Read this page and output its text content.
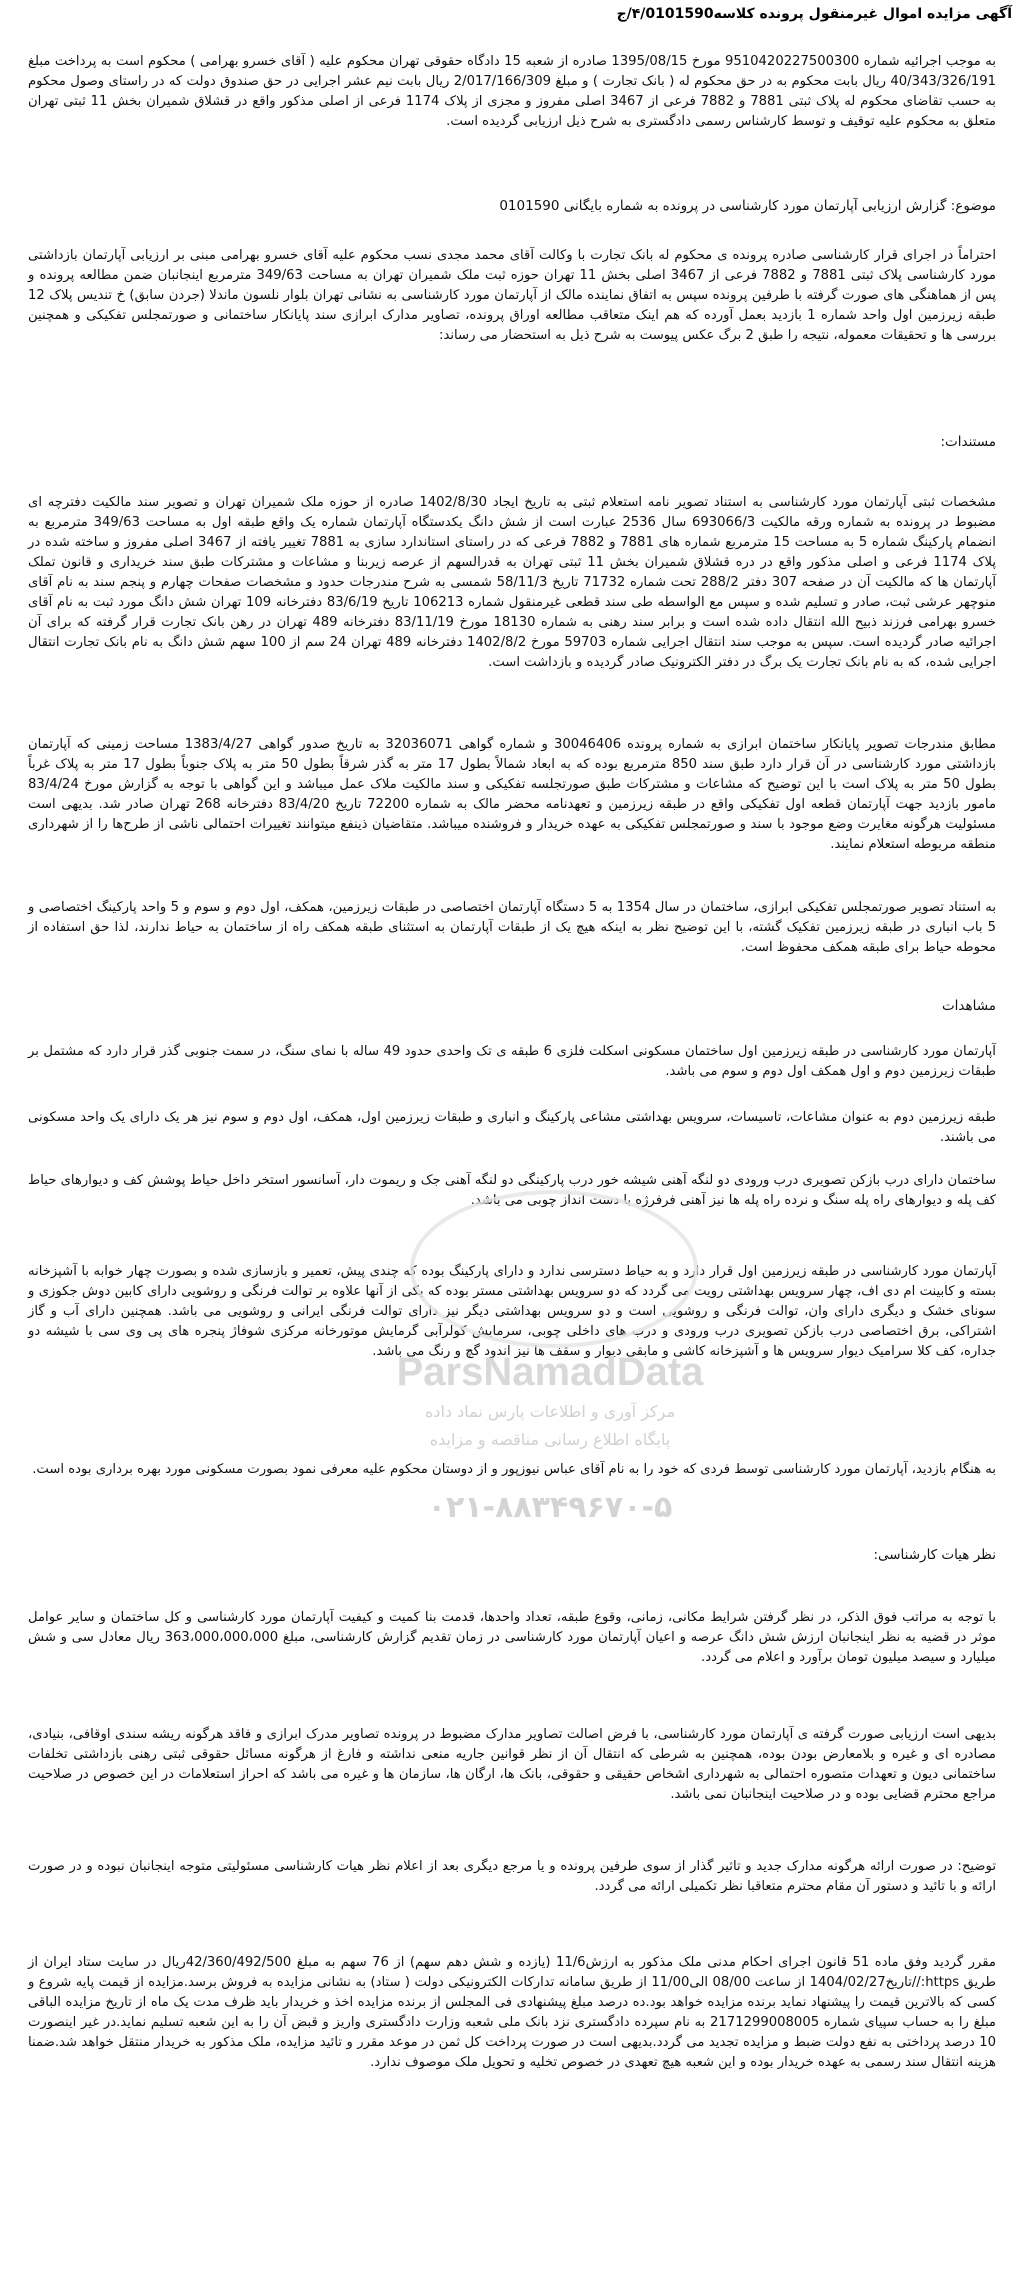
آگهی مزایده اموال غیرمنقول پرونده کلاسه۴/0101590/ج
به موجب اجرائیه شماره 9510420227500300 مورخ 1395/08/15 صادره از شعبه 15 دادگاه حقوقی تهران محکوم علیه ( آقای خسرو بهرامی ) محکوم است به پرداخت مبلغ 40/343/326/191 ریال بابت محکوم به در حق محکوم له ( بانک تجارت ) و مبلغ 2/017/166/309 ریال بابت نیم عشر اجرایی در حق صندوق دولت که در راستای وصول محکوم به حسب تقاضای محکوم له پلاک ثبتی 7881 و 7882 فرعی از 3467 اصلی مفروز و مجزی از پلاک 1174 فرعی از اصلی مذکور واقع در قشلاق شمیران بخش 11 ثبتی تهران متعلق به محکوم علیه توقیف و توسط کارشناس رسمی دادگستری به شرح ذیل ارزیابی گردیده است.
موضوع: گزارش ارزیابی آپارتمان مورد کارشناسی در پرونده به شماره بایگانی 0101590
احتراماً در اجرای قرار کارشناسی صادره پرونده ی محکوم له بانک تجارت با وکالت آقای محمد مجدی نسب محکوم علیه آقای خسرو بهرامی مبنی بر ارزیابی آپارتمان بازداشتی مورد کارشناسی پلاک ثبتی 7881 و 7882 فرعی از 3467 اصلی بخش 11 تهران حوزه ثبت ملک شمیران تهران به مساحت 349/63 مترمربع اینجانبان ضمن مطالعه پرونده و پس از هماهنگی های صورت گرفته با طرفین پرونده سپس به اتفاق نماینده مالک از آپارتمان مورد کارشناسی به نشانی تهران بلوار نلسون ماندلا (جردن سابق) خ تندیس پلاک 12 طبقه زیرزمین اول واحد شماره 1 بازدید بعمل آورده که هم اینک متعاقب مطالعه اوراق پرونده، تصاویر مدارک ابرازی سند پایانکار ساختمانی و صورتمجلس تفکیکی و همچنین بررسی ها و تحقیقات معموله، نتیجه را طبق 2 برگ عکس پیوست به شرح ذیل به استحضار می رساند:
مستندات:
مشخصات ثبتی آپارتمان مورد کارشناسی به استناد تصویر نامه استعلام ثبتی به تاریخ ایجاد 1402/8/30 صادره از حوزه ملک شمیران تهران و تصویر سند مالکیت دفترچه ای مضبوط در پرونده به شماره ورقه مالکیت 693066/3 سال 2536 عبارت است از شش دانگ یکدستگاه آپارتمان شماره یک واقع طبقه اول به مساحت 349/63 مترمربع به انضمام پارکینگ شماره 5 به مساحت 15 مترمربع شماره های 7881 و 7882 فرعی که در راستای استاندارد سازی به 7881 تغییر یافته از 3467 اصلی مفروز و ساخته شده در پلاک 1174 فرعی و اصلی مذکور واقع در دره قشلاق شمیران بخش 11 ثبتی تهران به قدرالسهم از عرصه زیربنا و مشاعات و مشترکات طبق سند خریداری و قانون تملک آپارتمان ها که مالکیت آن در صفحه 307 دفتر 288/2 تحت شماره 71732 تاریخ 58/11/3 شمسی به شرح مندرجات حدود و مشخصات صفحات چهارم و پنجم سند به نام آقای منوچهر عرشی ثبت، صادر و تسلیم شده و سپس مع الواسطه طی سند قطعی غیرمنقول شماره 106213 تاریخ 83/6/19 دفترخانه 109 تهران شش دانگ مورد ثبت به نام آقای خسرو بهرامی فرزند ذبیح الله انتقال داده شده است و برابر سند رهنی به شماره 18130 مورخ 83/11/19 دفترخانه 489 تهران در رهن بانک تجارت قرار گرفته که برای آن اجرائیه صادر گردیده است. سپس به موجب سند انتقال اجرایی شماره 59703 مورخ 1402/8/2 دفترخانه 489 تهران 24 سم از 100 سهم شش دانگ به نام بانک تجارت انتقال اجرایی شده، که به نام بانک تجارت یک برگ در دفتر الکترونیک صادر گردیده و بازداشت است.
مطابق مندرجات تصویر پایانکار ساختمان ابرازی به شماره پرونده 30046406 و شماره گواهی 32036071 به تاریخ صدور گواهی 1383/4/27 مساحت زمینی که آپارتمان بازداشتی مورد کارشناسی در آن قرار دارد طبق سند 850 مترمربع بوده که به ابعاد شمالاً بطول 17 متر به گذر شرقاً بطول 50 متر به پلاک جنوباً بطول 17 متر به پلاک غرباً بطول 50 متر به پلاک است با این توضیح که مشاعات و مشترکات طبق صورتجلسه تفکیکی و سند مالکیت ملاک عمل میباشد و این گواهی با توجه به گزارش مورخ 83/4/24 مامور بازدید جهت آپارتمان قطعه اول تفکیکی واقع در طبقه زیرزمین و تعهدنامه محضر مالک به شماره 72200 تاریخ 83/4/20 دفترخانه 268 تهران صادر شد. بدیهی است مسئولیت هرگونه مغایرت وضع موجود با سند و صورتمجلس تفکیکی به عهده خریدار و فروشنده میباشد. متقاضیان ذینفع میتوانند تغییرات احتمالی ناشی از طرح‌ها را از شهرداری منطقه مربوطه استعلام نمایند.
به استناد تصویر صورتمجلس تفکیکی ابرازی، ساختمان در سال 1354 به 5 دستگاه آپارتمان اختصاصی در طبقات زیرزمین، همکف، اول دوم و سوم و 5 واحد پارکینگ اختصاصی و 5 باب انباری در طبقه زیرزمین تفکیک گشته، با این توضیح نظر به اینکه هیچ یک از طبقات آپارتمان به استثنای طبقه همکف راه از ساختمان به حیاط ندارند، لذا حق استفاده از محوطه حیاط برای طبقه همکف محفوظ است.
مشاهدات
آپارتمان مورد کارشناسی در طبقه زیرزمین اول ساختمان مسکونی اسکلت فلزی 6 طبقه ی تک واحدی حدود 49 ساله با نمای سنگ، در سمت جنوبی گذر قرار دارد که مشتمل بر طبقات زیرزمین دوم و اول همکف اول دوم و سوم می باشد.
طبقه زیرزمین دوم به عنوان مشاعات، تاسیسات، سرویس بهداشتی مشاعی پارکینگ و انباری و طبقات زیرزمین اول، همکف، اول دوم و سوم نیز هر یک دارای یک واحد مسکونی می باشند.
ساختمان دارای درب بازکن تصویری درب ورودی دو لنگه آهنی شیشه خور درب پارکینگی دو لنگه آهنی جک و ریموت دار، آسانسور استخر داخل حیاط پوشش کف و دیوارهای حیاط کف پله و دیوارهای راه پله سنگ و نرده راه پله ها نیز آهنی فرفرژه با دست انداز چوبی می باشد.
آپارتمان مورد کارشناسی در طبقه زیرزمین اول قرار دارد و به حیاط دسترسی ندارد و دارای پارکینگ بوده که چندی پیش، تعمیر و بازسازی شده و بصورت چهار خوابه با آشپزخانه بسته و کابینت ام دی اف، چهار سرویس بهداشتی رویت می گردد که دو سرویس بهداشتی مستر بوده که یکی از آنها علاوه بر توالت فرنگی و روشویی دارای کابین دوش جکوزی و سونای خشک و دیگری دارای وان، توالت فرنگی و روشویی است و دو سرویس بهداشتی دیگر نیز دارای توالت فرنگی ایرانی و روشویی می باشد. همچنین دارای آب و گاز اشتراکی، برق اختصاصی درب بازکن تصویری درب ورودی و درب های داخلی چوبی، سرمایش کولرآبی گرمایش موتورخانه مرکزی شوفاژ پنجره های پی وی سی با شیشه دو جداره، کف کلا سرامیک دیوار سرویس ها و آشپزخانه کاشی و مابقی دیوار و سقف ها نیز اندود گچ و رنگ می باشد.
به هنگام بازدید، آپارتمان مورد کارشناسی توسط فردی که خود را به نام آقای عباس نیوزپور و از دوستان محکوم علیه معرفی نمود بصورت مسکونی مورد بهره برداری بوده است.
نظر هیات کارشناسی:
با توجه به مراتب فوق الذکر، در نظر گرفتن شرایط مکانی، زمانی، وقوع طبقه، تعداد واحدها، قدمت بنا کمیت و کیفیت آپارتمان مورد کارشناسی و کل ساختمان و سایر عوامل موثر در قضیه به نظر اینجانبان ارزش شش دانگ عرصه و اعیان آپارتمان مورد کارشناسی در زمان تقدیم گزارش کارشناسی، مبلغ 363،000،000،000 ریال معادل سی و شش میلیارد و سیصد میلیون تومان برآورد و اعلام می گردد.
بدیهی است ارزیابی صورت گرفته ی آپارتمان مورد کارشناسی، با فرض اصالت تصاویر مدارک مضبوط در پرونده تصاویر مدرک ابرازی و فاقد هرگونه ریشه سندی اوقافی، بنیادی، مصادره ای و غیره و بلامعارض بودن بوده، همچنین به شرطی که انتقال آن از نظر قوانین جاریه منعی نداشته و فارغ از هرگونه مسائل حقوقی ثبتی رهنی بازداشتی تخلفات ساختمانی دیون و تعهدات متصوره احتمالی به شهرداری اشخاص حقیقی و حقوقی، بانک ها، ارگان ها، سازمان ها و غیره می باشد که احراز استعلامات در این خصوص در صلاحیت مراجع محترم قضایی بوده و در صلاحیت اینجانبان نمی باشد.
توضیح: در صورت ارائه هرگونه مدارک جدید و تاثیر گذار از سوی طرفین پرونده و یا مرجع دیگری بعد از اعلام نظر هیات کارشناسی مسئولیتی متوجه اینجانبان نبوده و در صورت ارائه و با تائید و دستور آن مقام محترم متعاقبا نظر تکمیلی ارائه می گردد.
مقرر گردید وفق ماده 51 قانون اجرای احکام مدنی ملک مذکور به ارزش11/6 (یازده و شش دهم سهم) از 76 سهم به مبلغ 42/360/492/500ریال در سایت ستاد ایران از طریق https://تاریخ1404/02/27 از ساعت 08/00 الی11/00 از طریق سامانه تدارکات الکترونیکی دولت ( ستاد) به نشانی مزایده به فروش برسد.مزایده از قیمت پایه شروع و کسی که بالاترین قیمت را پیشنهاد نماید برنده مزایده خواهد بود.ده درصد مبلغ پیشنهادی فی المجلس از برنده مزایده اخذ و خریدار باید ظرف مدت یک ماه از تاریخ مزایده الباقی مبلغ را به حساب سپیای شماره 2171299008005 به نام سپرده دادگستری نزد بانک ملی شعبه وزارت دادگستری واریز و قبض آن را به این شعبه تسلیم نماید.در غیر اینصورت 10 درصد پرداختی به نفع دولت ضبط و مزایده تجدید می گردد.بدیهی است در صورت پرداخت کل ثمن در موعد مقرر و تائید مزایده، ملک مذکور به خریدار منتقل خواهد شد.ضمنا هزینه انتقال سند رسمی به عهده خریدار بوده و این شعبه هیچ تعهدی در خصوص تخلیه و تحویل ملک موصوف ندارد.
ParsNamadData
مرکز آوری و اطلاعات پارس نماد داده
پایگاه اطلاع رسانی مناقصه و مزایده
۰۲۱-۸۸۳۴۹۶۷۰-۵
